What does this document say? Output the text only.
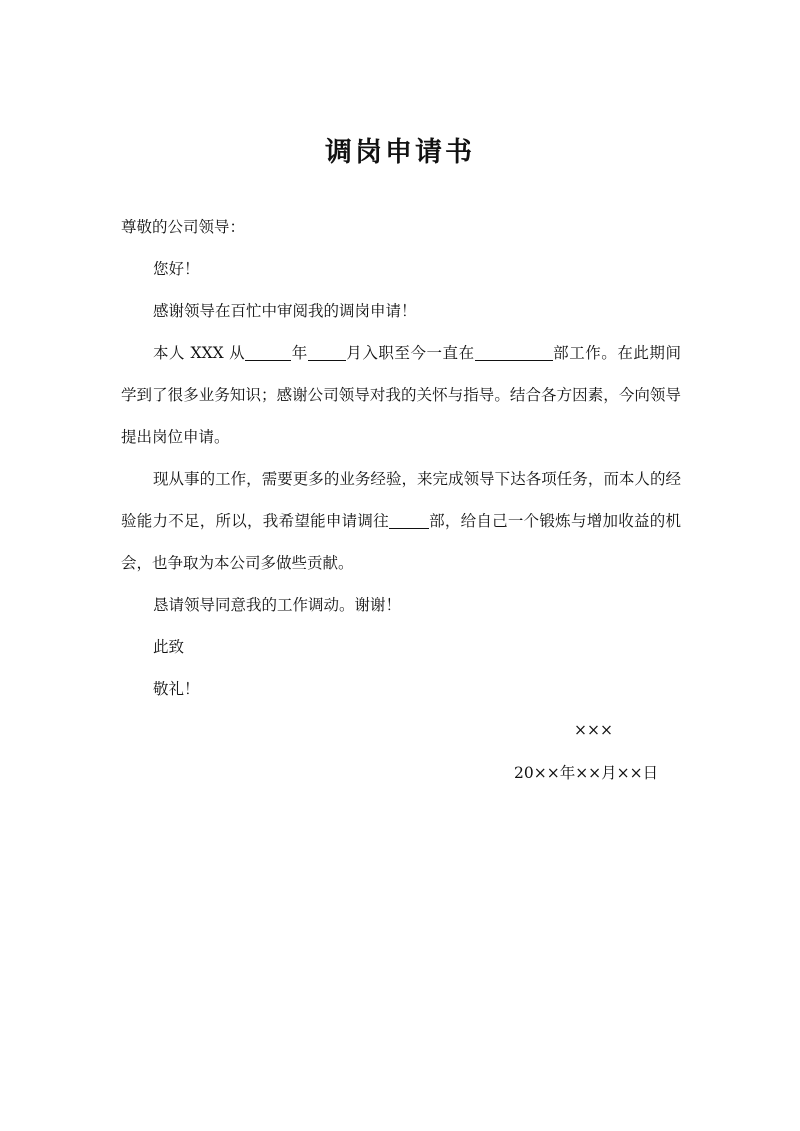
调岗申请书
尊敬的公司领导：
您好！
感谢领导在百忙中审阅我的调岗申请！

本人 XXX 从	年 月入职至今一直在	部工作。在此期间学到了很多业务知识；感谢公司领导对我的关怀与指导。结合各方因素，今向领导提出岗位申请。

现从事的工作，需要更多的业务经验，来完成领导下达各项任务，而本人的经验能力不足，所以，我希望能申请调往	部，给自己一个锻炼与增加收益的机会，也争取为本公司多做些贡献。

恳请领导同意我的工作调动。谢谢！
此致
敬礼！
×××
20××年××月××日
